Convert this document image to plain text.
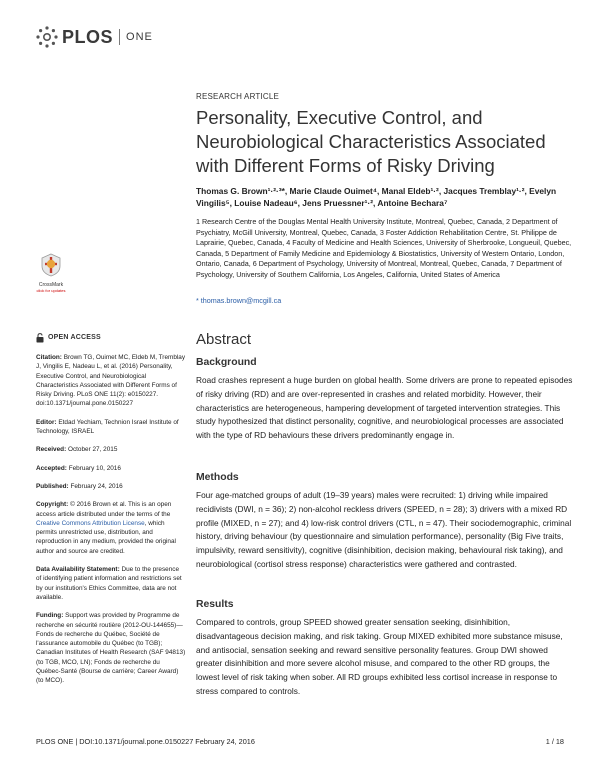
PLOS ONE
CrossMark
click for updates
RESEARCH ARTICLE
Personality, Executive Control, and Neurobiological Characteristics Associated with Different Forms of Risky Driving
Thomas G. Brown¹·²·³*, Marie Claude Ouimet⁴, Manal Eldeb¹·², Jacques Tremblay¹·², Evelyn Vingilis⁵, Louise Nadeau⁶, Jens Pruessner¹·², Antoine Bechara⁷
1 Research Centre of the Douglas Mental Health University Institute, Montreal, Quebec, Canada, 2 Department of Psychiatry, McGill University, Montreal, Quebec, Canada, 3 Foster Addiction Rehabilitation Centre, St. Philippe de Laprairie, Quebec, Canada, 4 Faculty of Medicine and Health Sciences, University of Sherbrooke, Longueuil, Quebec, Canada, 5 Department of Family Medicine and Epidemiology & Biostatistics, University of Western Ontario, London, Ontario, Canada, 6 Department of Psychology, University of Montreal, Montreal, Quebec, Canada, 7 Department of Psychology, University of Southern California, Los Angeles, California, United States of America
* thomas.brown@mcgill.ca
OPEN ACCESS
Citation: Brown TG, Ouimet MC, Eldeb M, Tremblay J, Vingilis E, Nadeau L, et al. (2016) Personality, Executive Control, and Neurobiological Characteristics Associated with Different Forms of Risky Driving. PLoS ONE 11(2): e0150227. doi:10.1371/journal.pone.0150227
Editor: Etdad Yechiam, Technion Israel Institute of Technology, ISRAEL
Received: October 27, 2015
Accepted: February 10, 2016
Published: February 24, 2016
Copyright: © 2016 Brown et al. This is an open access article distributed under the terms of the Creative Commons Attribution License, which permits unrestricted use, distribution, and reproduction in any medium, provided the original author and source are credited.
Data Availability Statement: Due to the presence of identifying patient information and restrictions set by our institution's Ethics Committee, data are not available.
Funding: Support was provided by Programme de recherche en sécurité routière (2012-OU-144655)—Fonds de recherche du Québec, Société de l'assurance automobile du Québec (to TGB); Canadian Institutes of Health Research (SAF 94813) (to TGB, MCO, LN); Fonds de recherche du Québec-Santé (Bourse de carrière; Career Award) (to MCO).
Abstract
Background
Road crashes represent a huge burden on global health. Some drivers are prone to repeated episodes of risky driving (RD) and are over-represented in crashes and related morbidity. However, their characteristics are heterogeneous, hampering development of targeted intervention strategies. This study hypothesized that distinct personality, cognitive, and neurobiological processes are associated with the type of RD behaviours these drivers predominantly engage in.
Methods
Four age-matched groups of adult (19–39 years) males were recruited: 1) driving while impaired recidivists (DWI, n = 36); 2) non-alcohol reckless drivers (SPEED, n = 28); 3) drivers with a mixed RD profile (MIXED, n = 27); and 4) low-risk control drivers (CTL, n = 47). Their sociodemographic, criminal history, driving behaviour (by questionnaire and simulation performance), personality (Big Five traits, impulsivity, reward sensitivity), cognitive (disinhibition, decision making, behavioural risk taking), and neurobiological (cortisol stress response) characteristics were gathered and contrasted.
Results
Compared to controls, group SPEED showed greater sensation seeking, disinhibition, disadvantageous decision making, and risk taking. Group MIXED exhibited more substance misuse, and antisocial, sensation seeking and reward sensitive personality features. Group DWI showed greater disinhibition and more severe alcohol misuse, and compared to the other RD groups, the lowest level of risk taking when sober. All RD groups exhibited less cortisol increase in response to stress compared to controls.
PLOS ONE | DOI:10.1371/journal.pone.0150227 February 24, 2016	1 / 18
